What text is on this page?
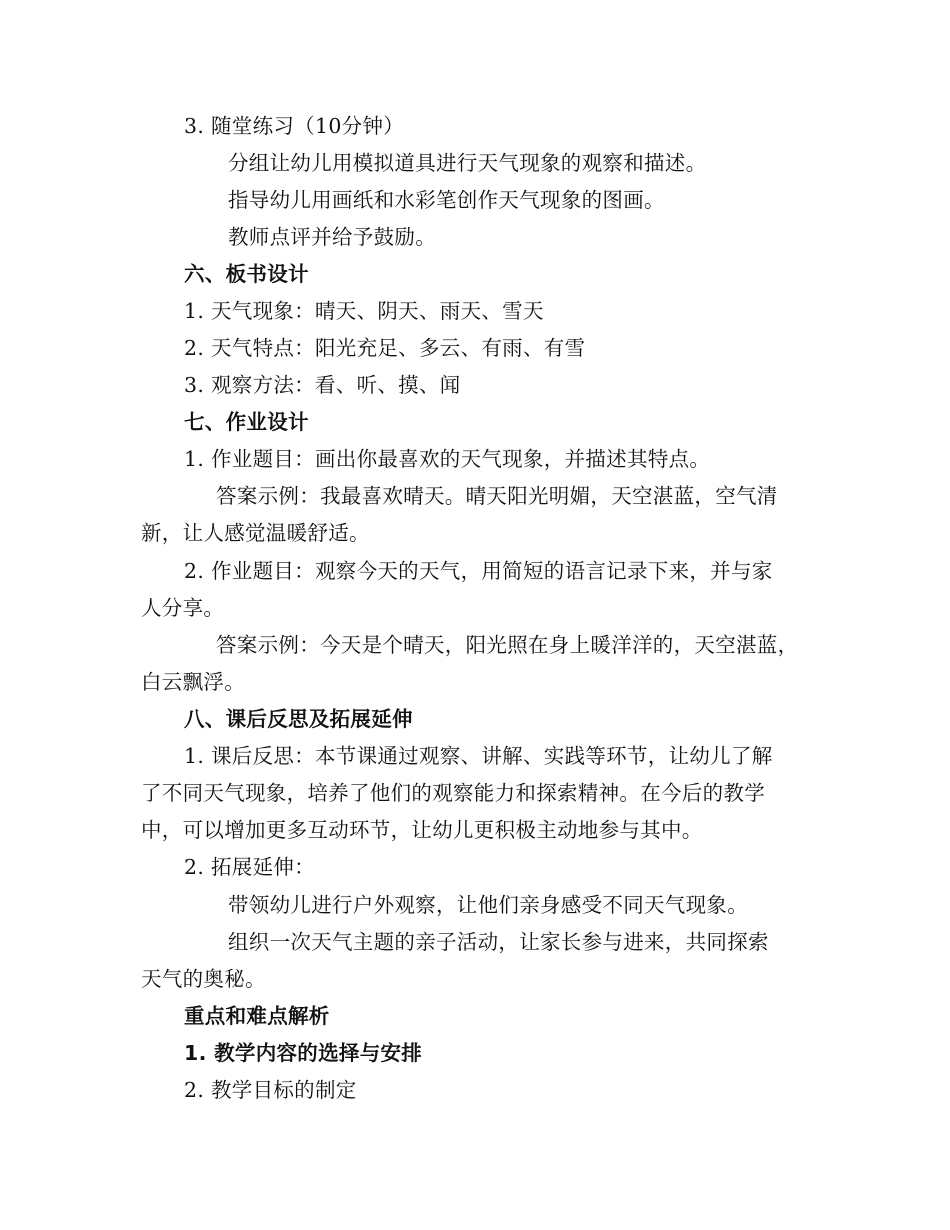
3. 随堂练习（10分钟）
分组让幼儿用模拟道具进行天气现象的观察和描述。
指导幼儿用画纸和水彩笔创作天气现象的图画。
教师点评并给予鼓励。
六、板书设计
1. 天气现象：晴天、阴天、雨天、雪天
2. 天气特点：阳光充足、多云、有雨、有雪
3. 观察方法：看、听、摸、闻
七、作业设计
1. 作业题目：画出你最喜欢的天气现象，并描述其特点。
答案示例：我最喜欢晴天。晴天阳光明媚，天空湛蓝，空气清
新，让人感觉温暖舒适。
2. 作业题目：观察今天的天气，用简短的语言记录下来，并与家
人分享。
答案示例：今天是个晴天，阳光照在身上暖洋洋的，天空湛蓝，
白云飘浮。
八、课后反思及拓展延伸
1. 课后反思：本节课通过观察、讲解、实践等环节，让幼儿了解
了不同天气现象，培养了他们的观察能力和探索精神。在今后的教学
中，可以增加更多互动环节，让幼儿更积极主动地参与其中。
2. 拓展延伸：
带领幼儿进行户外观察，让他们亲身感受不同天气现象。
组织一次天气主题的亲子活动，让家长参与进来，共同探索
天气的奥秘。
重点和难点解析
1. 教学内容的选择与安排
2. 教学目标的制定
